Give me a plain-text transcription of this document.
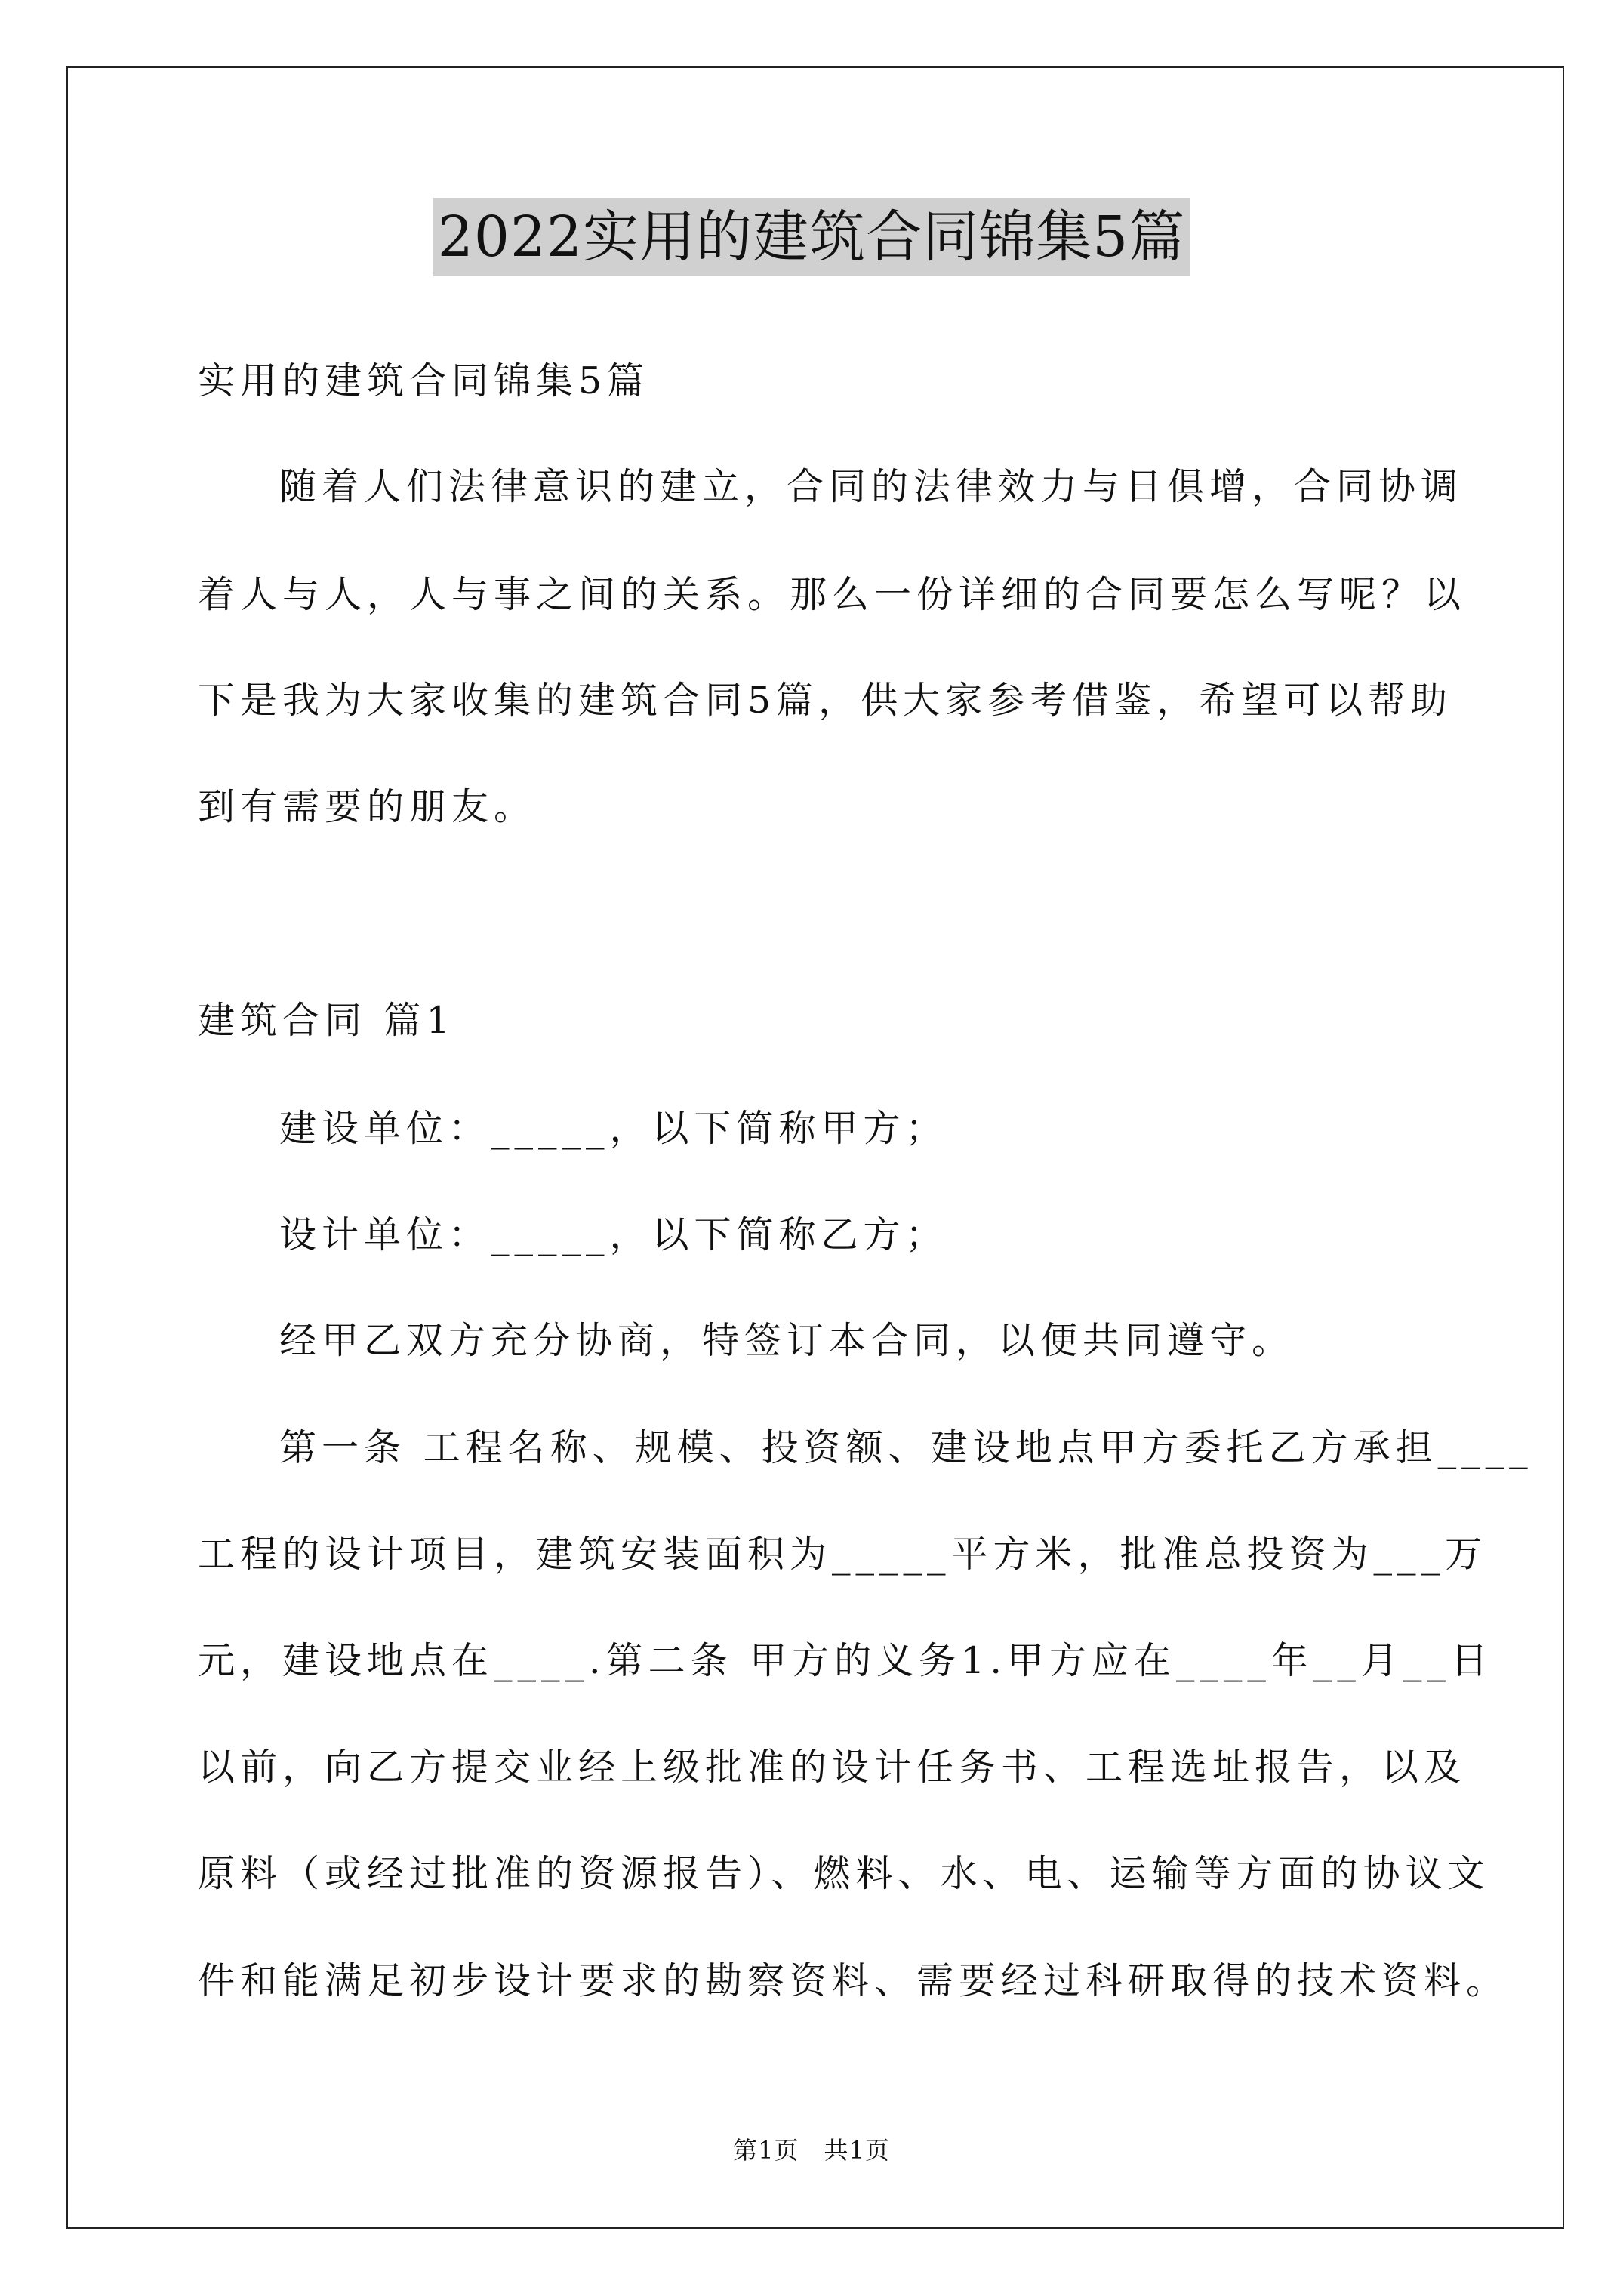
2022实用的建筑合同锦集5篇
实用的建筑合同锦集5篇
随着人们法律意识的建立，合同的法律效力与日俱增，合同协调
着人与人，人与事之间的关系。那么一份详细的合同要怎么写呢？以
下是我为大家收集的建筑合同5篇，供大家参考借鉴，希望可以帮助
到有需要的朋友。
建筑合同 篇1
建设单位：_____，以下简称甲方；
设计单位：_____，以下简称乙方；
经甲乙双方充分协商，特签订本合同，以便共同遵守。
第一条 工程名称、规模、投资额、建设地点甲方委托乙方承担____
工程的设计项目，建筑安装面积为_____平方米，批准总投资为___万
元，建设地点在____.第二条 甲方的义务1.甲方应在____年__月__日
以前，向乙方提交业经上级批准的设计任务书、工程选址报告，以及
原料（或经过批准的资源报告）、燃料、水、电、运输等方面的协议文
件和能满足初步设计要求的勘察资料、需要经过科研取得的技术资料。
第1页　共1页
